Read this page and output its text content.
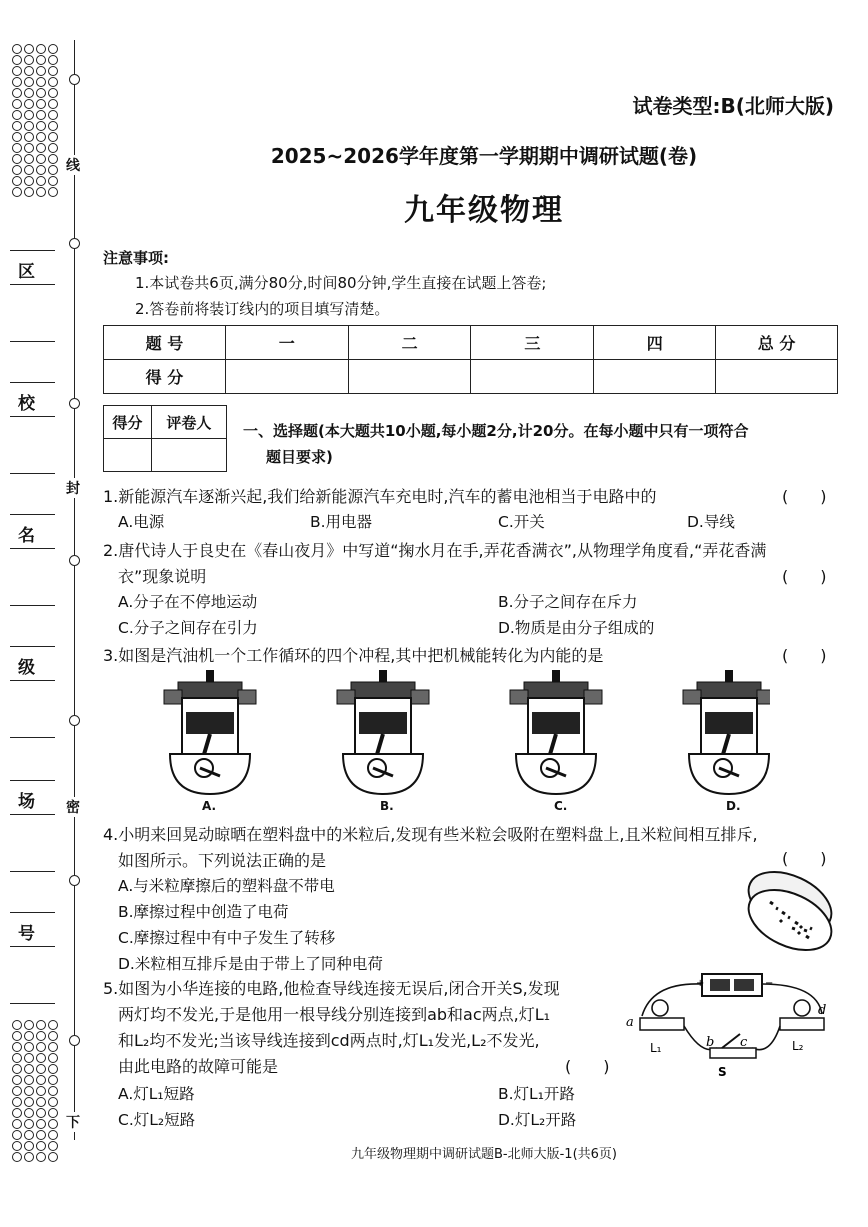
线
封
密
下
区
校
名
级
场
号
试卷类型:B(北师大版)
2025~2026学年度第一学期期中调研试题(卷)
九年级物理
注意事项:
1.本试卷共6页,满分80分,时间80分钟,学生直接在试题上答卷;
2.答卷前将装订线内的项目填写清楚。
题 号	一	二	三	四	总 分
得 分					
得分	评卷人
	一、选择题(本大题共10小题,每小题2分,计20分。在每小题中只有一项符合
题目要求)
1.新能源汽车逐渐兴起,我们给新能源汽车充电时,汽车的蓄电池相当于电路中的	(　　)
A.电源	B.用电器	C.开关	D.导线
2.唐代诗人于良史在《春山夜月》中写道“掬水月在手,弄花香满衣”,从物理学角度看,“弄花香满
衣”现象说明	(　　)
A.分子在不停地运动	B.分子之间存在斥力
C.分子之间存在引力	D.物质是由分子组成的
3.如图是汽油机一个工作循环的四个冲程,其中把机械能转化为内能的是	(　　)
A.	B.	C.	D.
4.小明来回晃动晾晒在塑料盘中的米粒后,发现有些米粒会吸附在塑料盘上,且米粒间相互排斥,
如图所示。下列说法正确的是	(　　)
A.与米粒摩擦后的塑料盘不带电
B.摩擦过程中创造了电荷
C.摩擦过程中有中子发生了转移
D.米粒相互排斥是由于带上了同种电荷
5.如图为小华连接的电路,他检查导线连接无误后,闭合开关S,发现
两灯均不发光,于是他用一根导线分别连接到ab和ac两点,灯L₁
和L₂均不发光;当该导线连接到cd两点时,灯L₁发光,L₂不发光,
由此电路的故障可能是	(　　)
A.灯L₁短路	B.灯L₁开路
C.灯L₂短路	D.灯L₂开路
+	−
a
b c
d
L₁	L₂
S
九年级物理期中调研试题B-北师大版-1(共6页)
